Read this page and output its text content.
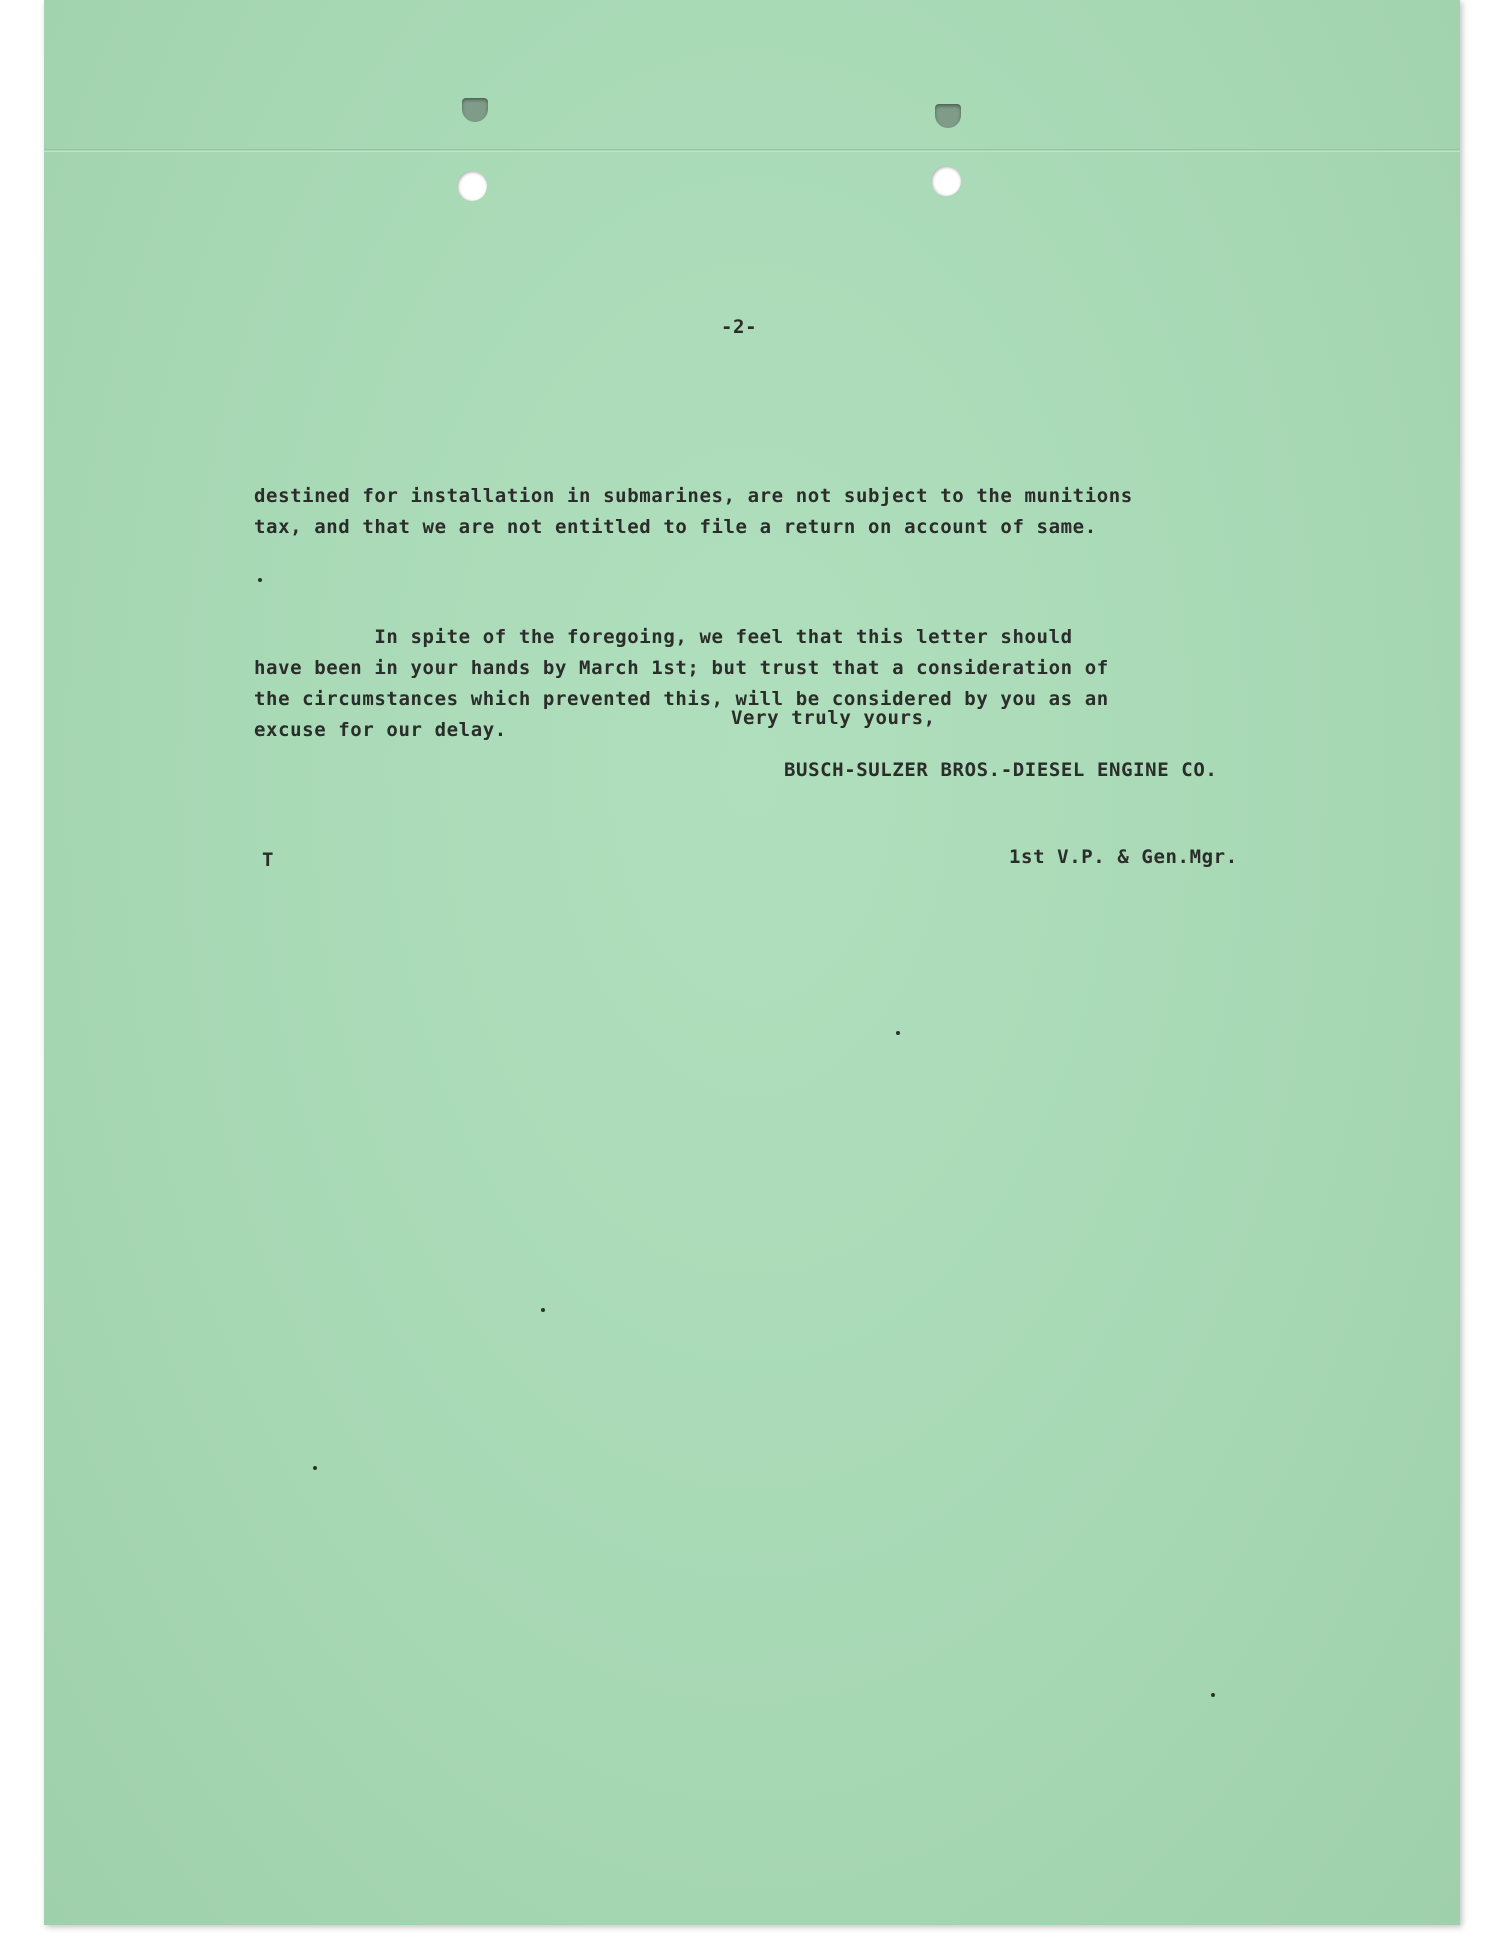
-2-

destined for installation in submarines, are not subject to the munitions
tax, and that we are not entitled to file a return on account of same.

In spite of the foregoing, we feel that this letter should
have been in your hands by March 1st; but trust that a consideration of
the circumstances which prevented this, will be considered by you as an
excuse for our delay.

Very truly yours,
BUSCH-SULZER BROS.-DIESEL ENGINE CO.
T	1st V.P. & Gen.Mgr.
